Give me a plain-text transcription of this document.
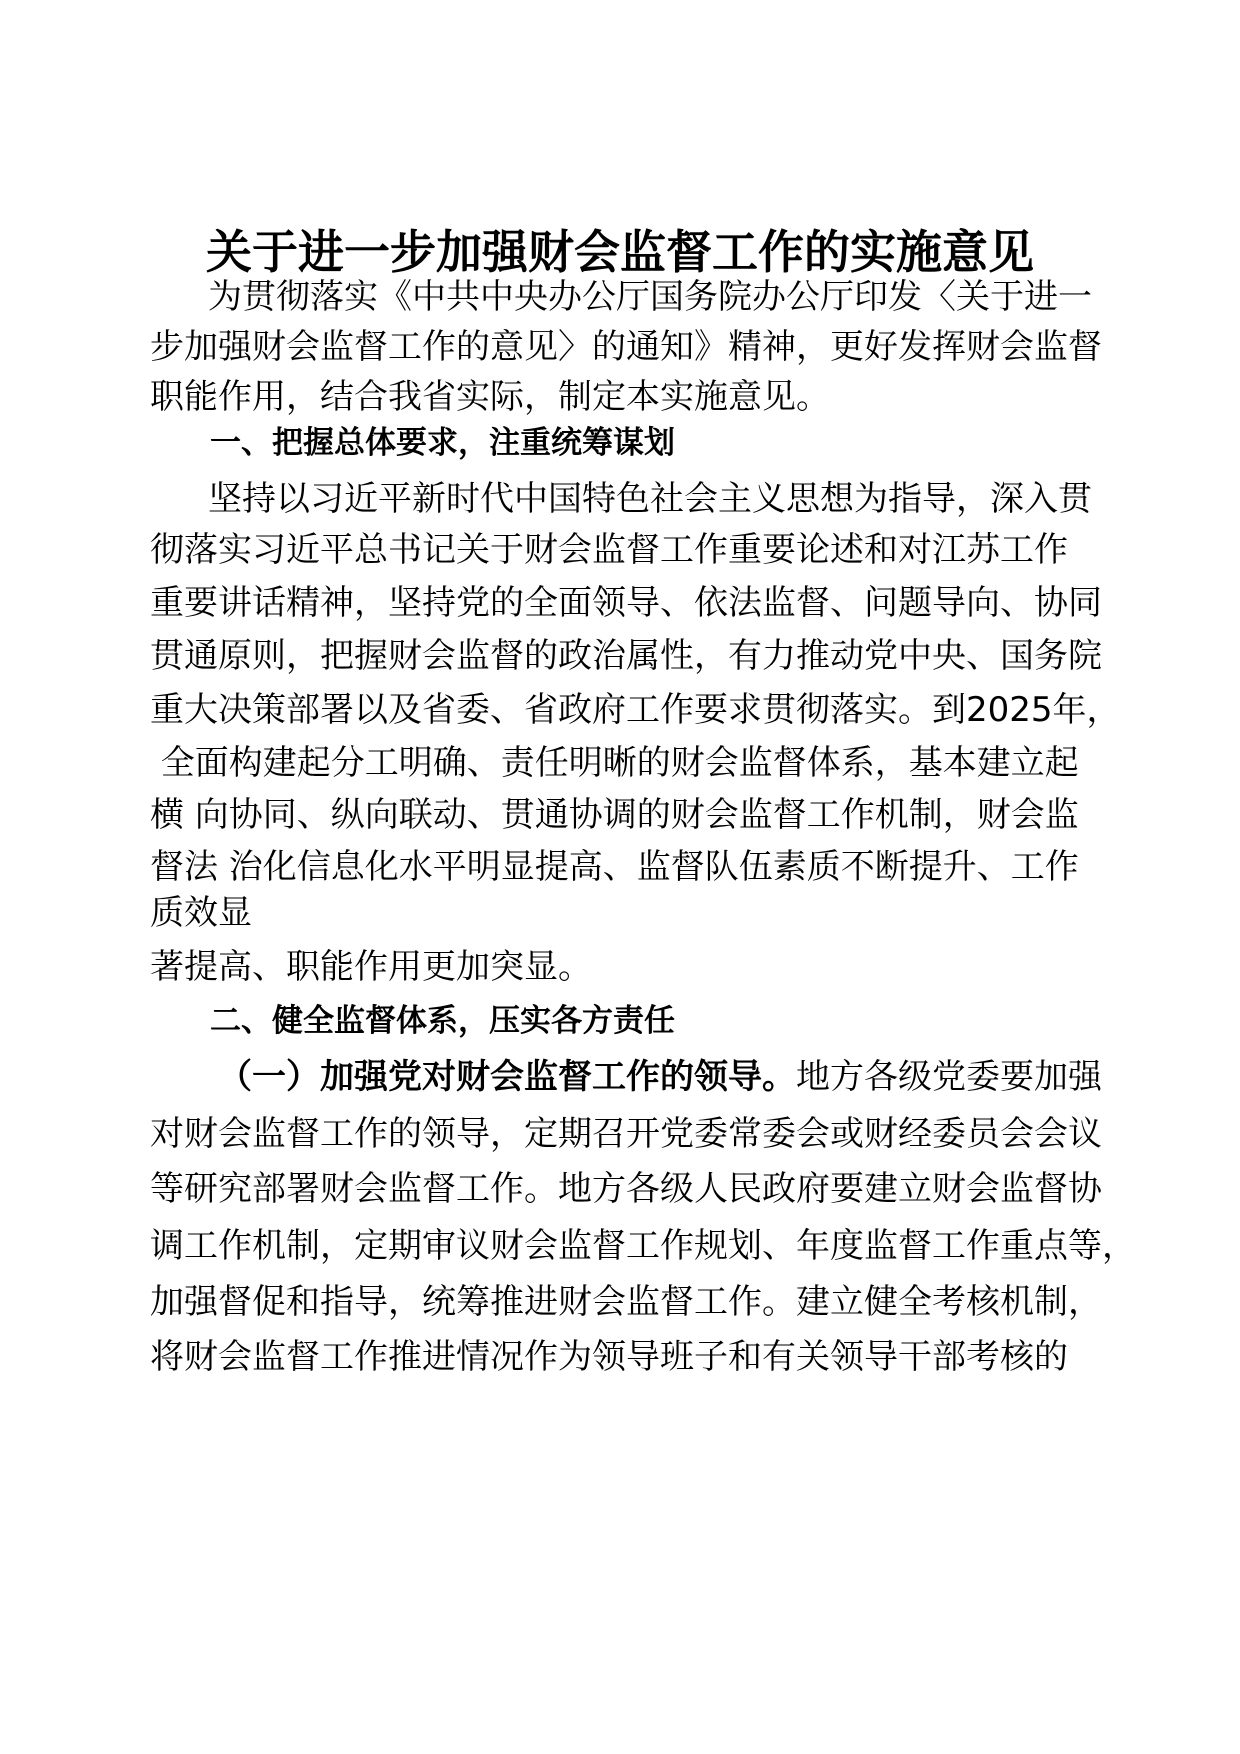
关于进一步加强财会监督工作的实施意见
为贯彻落实《中共中央办公厅国务院办公厅印发〈关于进一
步加强财会监督工作的意见〉的通知》精神，更好发挥财会监督
职能作用，结合我省实际，制定本实施意见。
一、把握总体要求，注重统筹谋划
坚持以习近平新时代中国特色社会主义思想为指导，深入贯
彻落实习近平总书记关于财会监督工作重要论述和对江苏工作
重要讲话精神，坚持党的全面领导、依法监督、问题导向、协同
贯通原则，把握财会监督的政治属性，有力推动党中央、国务院
重大决策部署以及省委、省政府工作要求贯彻落实。到2025年，
全面构建起分工明确、责任明晰的财会监督体系，基本建立起
横 向协同、纵向联动、贯通协调的财会监督工作机制，财会监
督法 治化信息化水平明显提高、监督队伍素质不断提升、工作
质效显
著提高、职能作用更加突显。
二、健全监督体系，压实各方责任
（一）加强党对财会监督工作的领导。地方各级党委要加强
对财会监督工作的领导，定期召开党委常委会或财经委员会会议
等研究部署财会监督工作。地方各级人民政府要建立财会监督协
调工作机制，定期审议财会监督工作规划、年度监督工作重点等，
加强督促和指导，统筹推进财会监督工作。建立健全考核机制，
将财会监督工作推进情况作为领导班子和有关领导干部考核的
